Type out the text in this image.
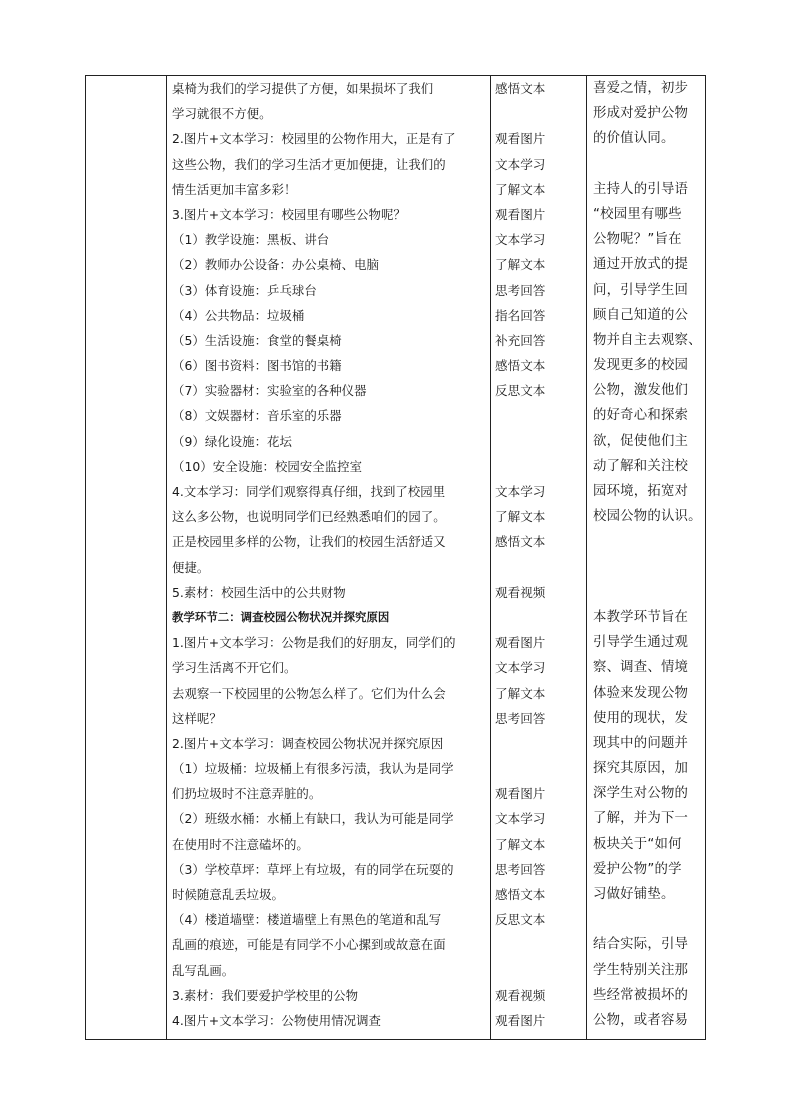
桌椅为我们的学习提供了方便，如果损坏了我们
学习就很不方便。
2.图片+文本学习：校园里的公物作用大，正是有了
这些公物，我们的学习生活才更加便捷，让我们的
情生活更加丰富多彩！
3.图片+文本学习：校园里有哪些公物呢？
（1）教学设施：黑板、讲台
（2）教师办公设备：办公桌椅、电脑
（3）体育设施：乒乓球台
（4）公共物品：垃圾桶
（5）生活设施：食堂的餐桌椅
（6）图书资料：图书馆的书籍
（7）实验器材：实验室的各种仪器
（8）文娱器材：音乐室的乐器
（9）绿化设施：花坛
（10）安全设施：校园安全监控室
4.文本学习：同学们观察得真仔细，找到了校园里
这么多公物，也说明同学们已经熟悉咱们的园了。
正是校园里多样的公物，让我们的校园生活舒适又
便捷。
5.素材：校园生活中的公共财物
教学环节二：调查校园公物状况并探究原因
1.图片+文本学习：公物是我们的好朋友，同学们的
学习生活离不开它们。
去观察一下校园里的公物怎么样了。它们为什么会
这样呢？
2.图片+文本学习：调查校园公物状况并探究原因
（1）垃圾桶：垃圾桶上有很多污渍，我认为是同学
们扔垃圾时不注意弄脏的。
（2）班级水桶：水桶上有缺口，我认为可能是同学
在使用时不注意磕坏的。
（3）学校草坪：草坪上有垃圾，有的同学在玩耍的
时候随意乱丢垃圾。
（4）楼道墙壁：楼道墙壁上有黑色的笔道和乱写
乱画的痕迹，可能是有同学不小心摞到或故意在面
乱写乱画。
3.素材：我们要爱护学校里的公物
4.图片+文本学习：公物使用情况调查
感悟文本
观看图片
文本学习
了解文本
观看图片
文本学习
了解文本
思考回答
指名回答
补充回答
感悟文本
反思文本
文本学习
了解文本
感悟文本
观看视频
观看图片
文本学习
了解文本
思考回答
观看图片
文本学习
了解文本
思考回答
感悟文本
反思文本
观看视频
观看图片
喜爱之情，初步
形成对爱护公物
的价值认同。
主持人的引导语
“校园里有哪些
公物呢？”旨在
通过开放式的提
问，引导学生回
顾自己知道的公
物并自主去观察、
发现更多的校园
公物，激发他们
的好奇心和探索
欲，促使他们主
动了解和关注校
园环境，拓宽对
校园公物的认识。
本教学环节旨在
引导学生通过观
察、调查、情境
体验来发现公物
使用的现状，发
现其中的问题并
探究其原因，加
深学生对公物的
了解，并为下一
板块关于“如何
爱护公物”的学
习做好铺垫。
结合实际，引导
学生特别关注那
些经常被损坏的
公物，或者容易
